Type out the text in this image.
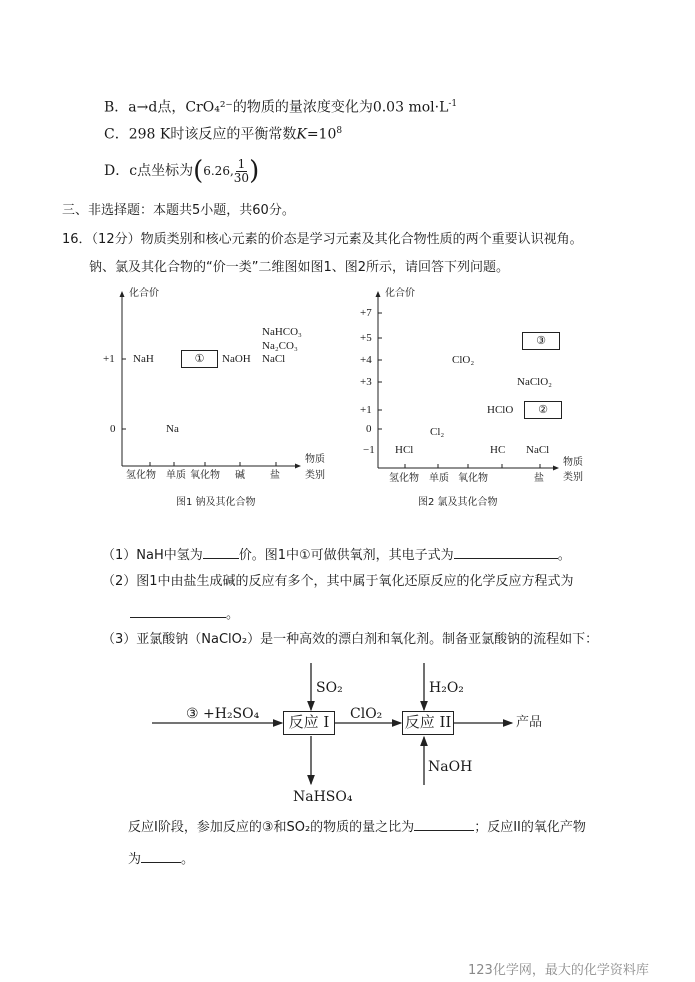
B．a→d点，CrO₄²⁻的物质的量浓度变化为0.03 $mol\cdot L^{-1}$
C．298 K时该反应的平衡常数$K=10^8$
D．c点坐标为(6.26, $\frac{1}{30}$ )
三、非选择题：本题共5小题，共60分。
16．（12分）物质类别和核心元素的价态是学习元素及其化合物性质的两个重要认识视角。
钠、氯及其化合物的“价一类”二维图如图1、图2所示，请回答下列问题。
化合价
+1
0
氢化物 单质 氧化物 碱	盐
物质
类别
NaH	①	NaOH
NaHCO₃
Na₂CO₃
NaCl
Na
图1 钠及其化合物
化合价
+7
+5
+4
+3
+1
0
−1
氢化物 单质 氧化物	盐
物质
类别
ClO₂
③
NaClO₂
HClO	②
Cl₂
HCl	HC NaCl
图2 氯及其化合物
（1）NaH中氢为	价。图1中①可做供氧剂，其电子式为	。
（2）图1中由盐生成碱的反应有多个，其中属于氧化还原反应的化学反应方程式为
。
（3）亚氯酸钠（NaClO₂）是一种高效的漂白剂和氧化剂。制备亚氯酸钠的流程如下：
③ +H₂SO₄
SO₂
反应 I	ClO₂ 反应 II
H₂O₂
NaOH
NaHSO₄
产品
反应I阶段，参加反应的③和SO₂的物质的量之比为	；反应II的氧化产物
为	。
123化学网，最大的化学资料库
